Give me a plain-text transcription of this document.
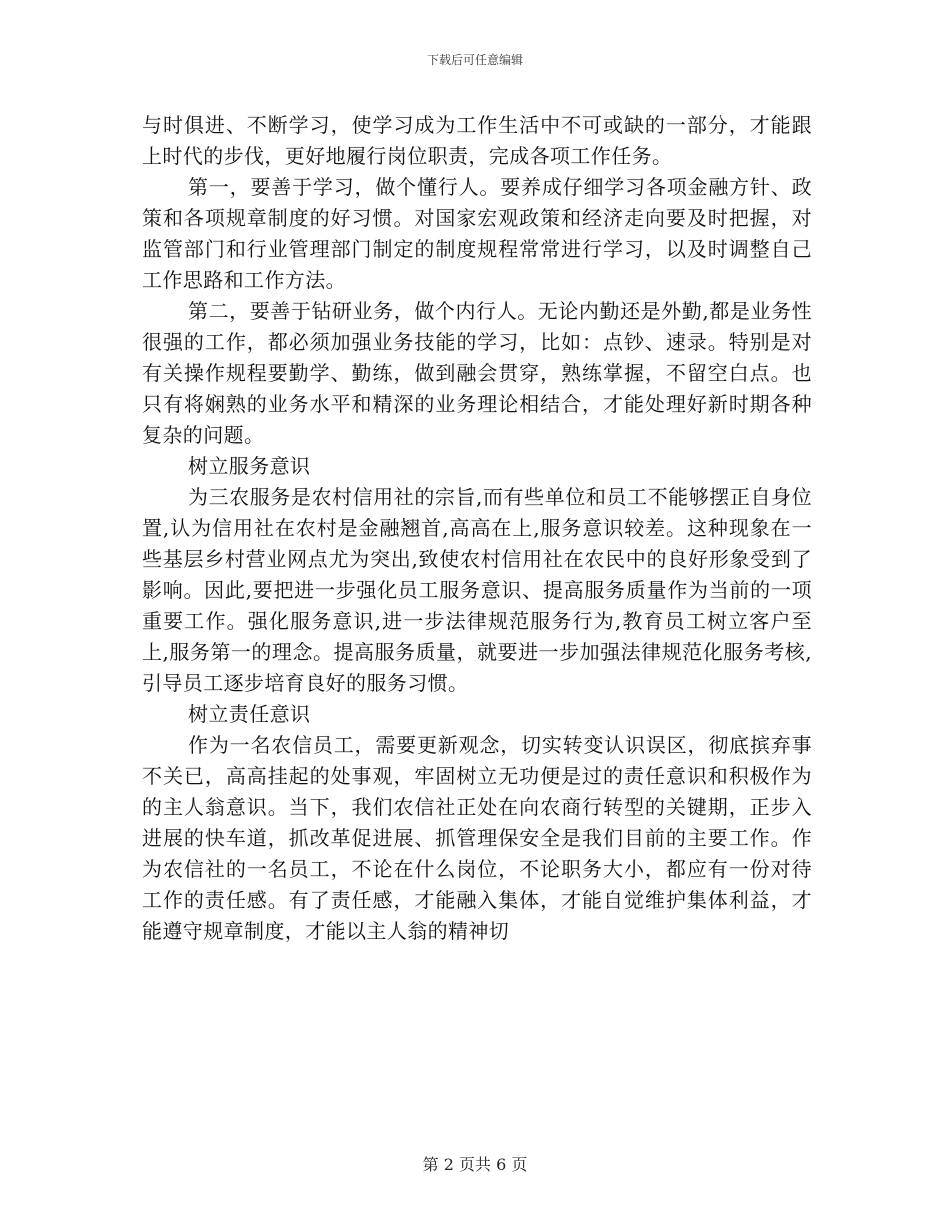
下载后可任意编辑

与时俱进、不断学习，使学习成为工作生活中不可或缺的一部分，才能跟上时代的步伐，更好地履行岗位职责，完成各项工作任务。

第一，要善于学习，做个懂行人。要养成仔细学习各项金融方针、政策和各项规章制度的好习惯。对国家宏观政策和经济走向要及时把握，对监管部门和行业管理部门制定的制度规程常常进行学习，以及时调整自己工作思路和工作方法。

第二，要善于钻研业务，做个内行人。无论内勤还是外勤,都是业务性很强的工作，都必须加强业务技能的学习，比如：点钞、速录。特别是对有关操作规程要勤学、勤练，做到融会贯穿，熟练掌握，不留空白点。也只有将娴熟的业务水平和精深的业务理论相结合，才能处理好新时期各种复杂的问题。

树立服务意识

为三农服务是农村信用社的宗旨,而有些单位和员工不能够摆正自身位置,认为信用社在农村是金融翘首,高高在上,服务意识较差。这种现象在一些基层乡村营业网点尤为突出,致使农村信用社在农民中的良好形象受到了影响。因此,要把进一步强化员工服务意识、提高服务质量作为当前的一项重要工作。强化服务意识,进一步法律规范服务行为,教育员工树立客户至上,服务第一的理念。提高服务质量，就要进一步加强法律规范化服务考核,引导员工逐步培育良好的服务习惯。

树立责任意识

作为一名农信员工，需要更新观念，切实转变认识误区，彻底摈弃事不关已，高高挂起的处事观，牢固树立无功便是过的责任意识和积极作为的主人翁意识。当下，我们农信社正处在向农商行转型的关键期，正步入进展的快车道，抓改革促进展、抓管理保安全是我们目前的主要工作。作为农信社的一名员工，不论在什么岗位，不论职务大小，都应有一份对待工作的责任感。有了责任感，才能融入集体，才能自觉维护集体利益，才能遵守规章制度，才能以主人翁的精神切

第 2 页共 6 页
